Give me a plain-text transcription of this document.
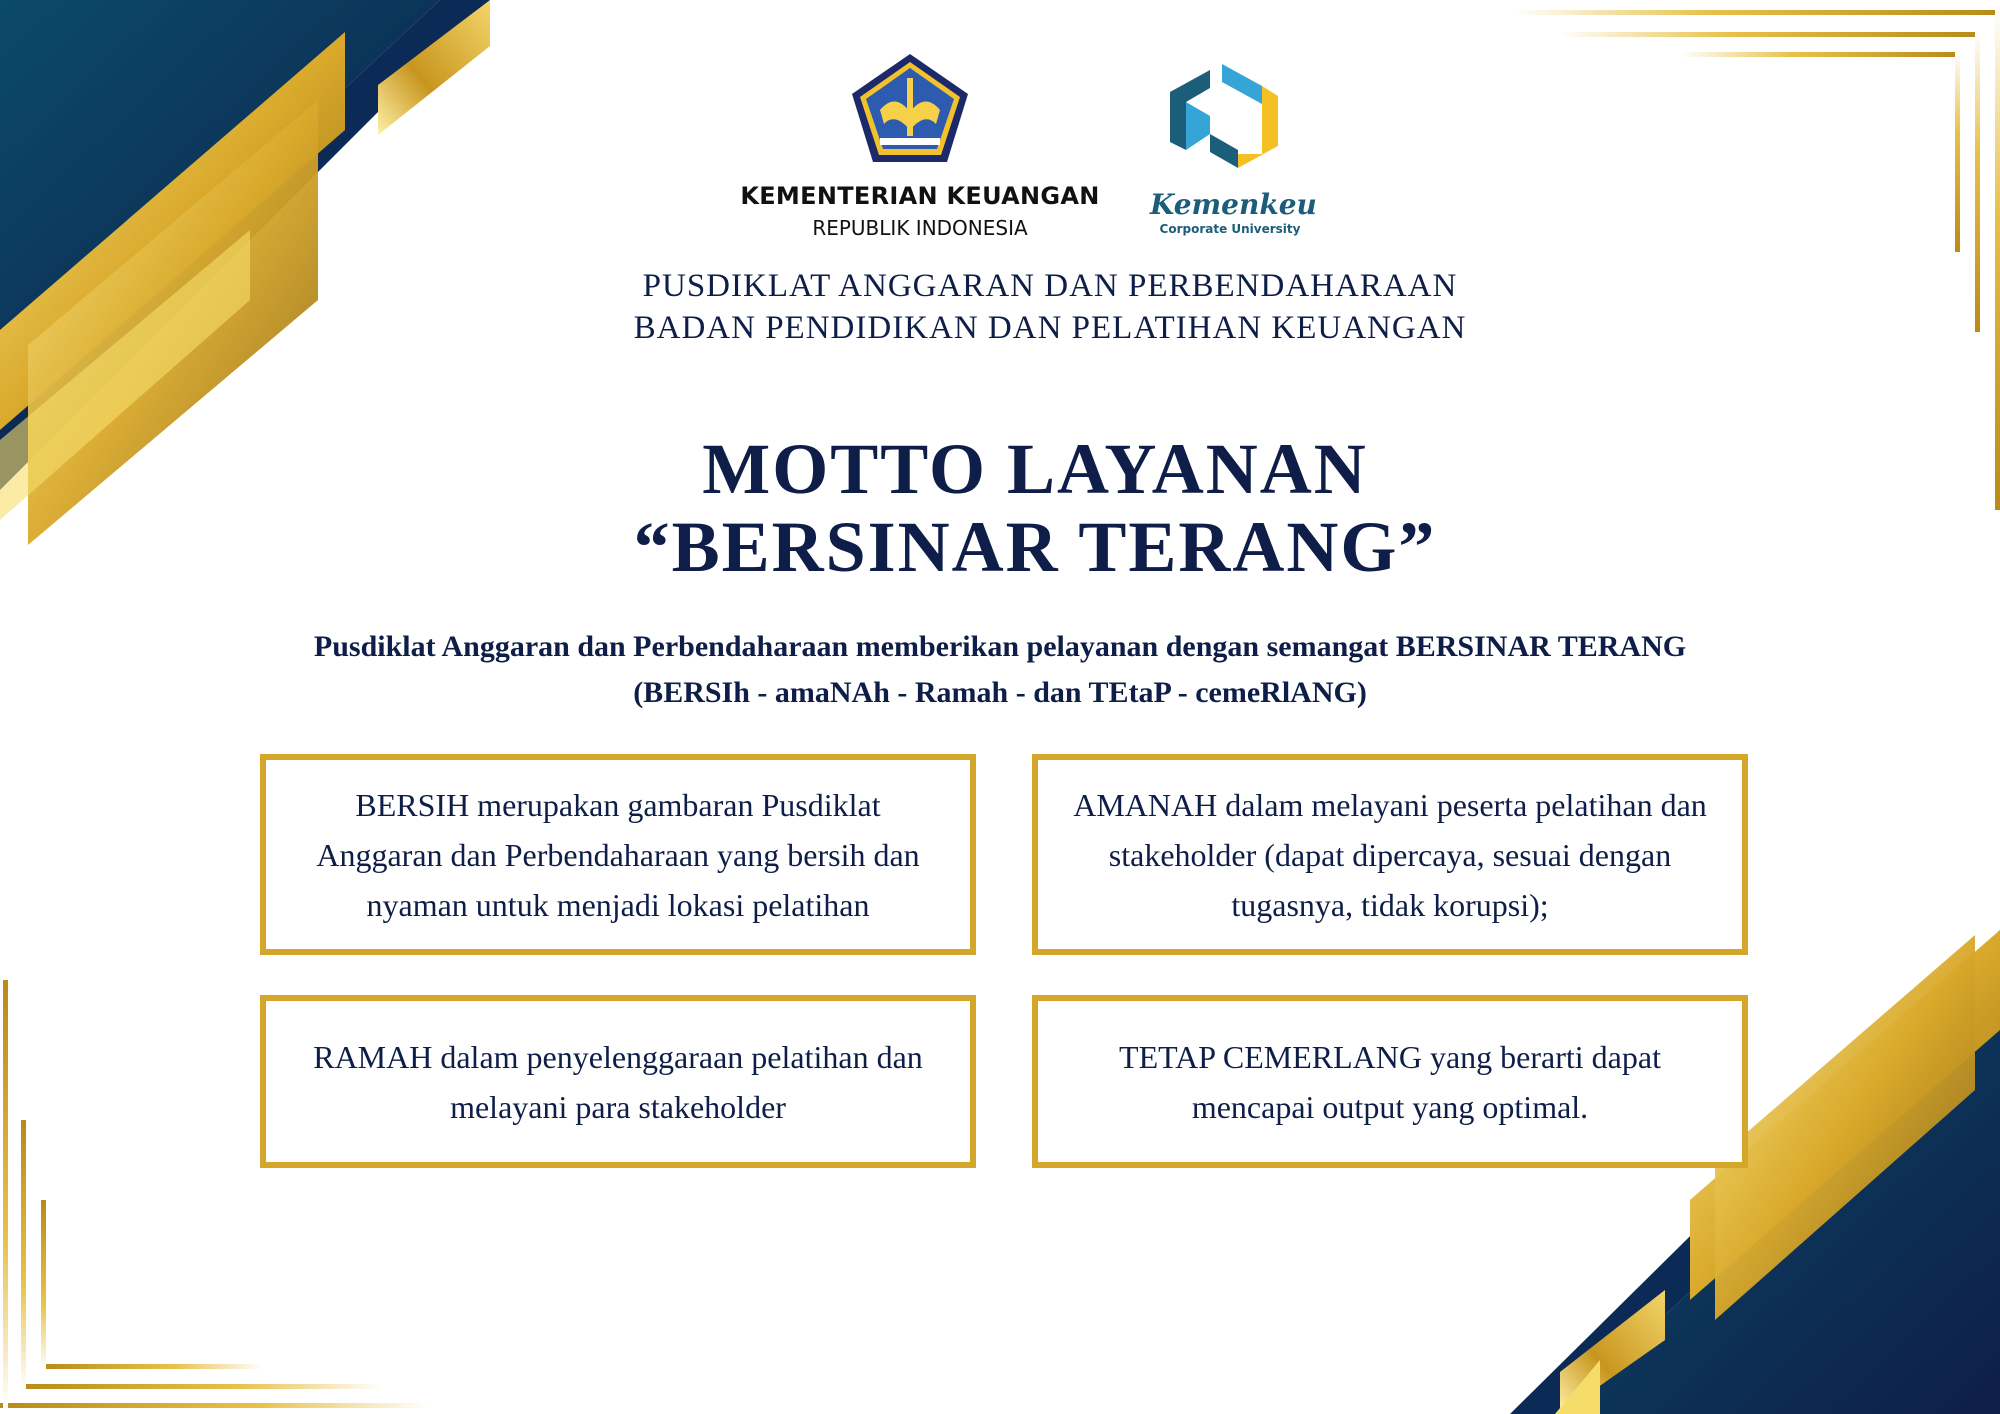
KEMENTERIAN KEUANGAN
REPUBLIK INDONESIA
Kemenkeu
Corporate University
PUSDIKLAT ANGGARAN DAN PERBENDAHARAAN
BADAN PENDIDIKAN DAN PELATIHAN KEUANGAN
MOTTO LAYANAN
“BERSINAR TERANG”
Pusdiklat Anggaran dan Perbendaharaan memberikan pelayanan dengan semangat BERSINAR TERANG
(BERSIh - amaNAh - Ramah - dan TEtaP - cemeRlANG)
BERSIH merupakan gambaran Pusdiklat Anggaran dan Perbendaharaan yang bersih dan nyaman untuk menjadi lokasi pelatihan
AMANAH dalam melayani peserta pelatihan dan stakeholder (dapat dipercaya, sesuai dengan tugasnya, tidak korupsi);
RAMAH dalam penyelenggaraan pelatihan dan melayani para stakeholder
TETAP CEMERLANG yang berarti dapat mencapai output yang optimal.
